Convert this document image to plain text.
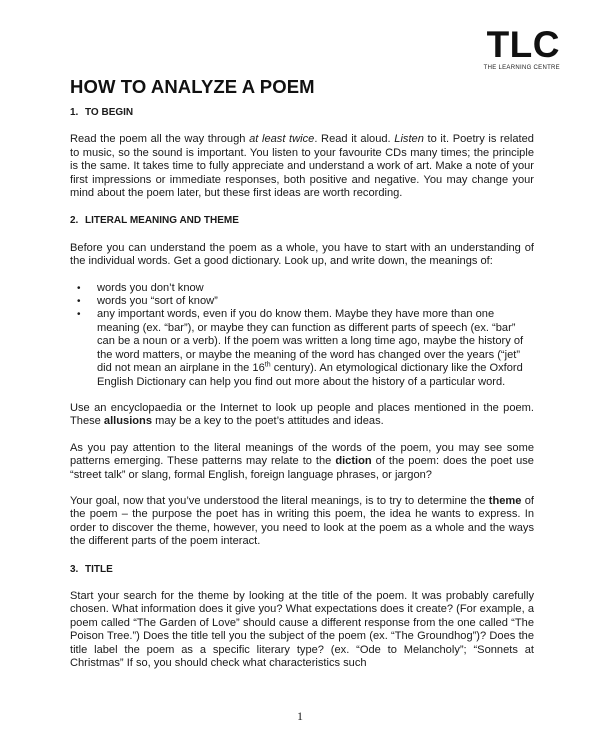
TLC
THE LEARNING CENTRE
HOW TO ANALYZE A POEM
1. TO BEGIN

Read the poem all the way through at least twice. Read it aloud. Listen to it. Poetry is related to music, so the sound is important. You listen to your favourite CDs many times; the principle is the same. It takes time to fully appreciate and understand a work of art. Make a note of your first impressions or immediate responses, both positive and negative. You may change your mind about the poem later, but these first ideas are worth recording.

2. LITERAL MEANING AND THEME

Before you can understand the poem as a whole, you have to start with an understanding of the individual words. Get a good dictionary. Look up, and write down, the meanings of:

• words you don’t know
• words you “sort of know”
• any important words, even if you do know them. Maybe they have more than one meaning (ex. “bar”), or maybe they can function as different parts of speech (ex. “bar” can be a noun or a verb). If the poem was written a long time ago, maybe the history of the word matters, or maybe the meaning of the word has changed over the years (“jet” did not mean an airplane in the 16th century). An etymological dictionary like the Oxford English Dictionary can help you find out more about the history of a particular word.

Use an encyclopaedia or the Internet to look up people and places mentioned in the poem. These allusions may be a key to the poet’s attitudes and ideas.

As you pay attention to the literal meanings of the words of the poem, you may see some patterns emerging. These patterns may relate to the diction of the poem: does the poet use “street talk” or slang, formal English, foreign language phrases, or jargon?

Your goal, now that you’ve understood the literal meanings, is to try to determine the theme of the poem – the purpose the poet has in writing this poem, the idea he wants to express. In order to discover the theme, however, you need to look at the poem as a whole and the ways the different parts of the poem interact.

3. TITLE

Start your search for the theme by looking at the title of the poem. It was probably carefully chosen. What information does it give you? What expectations does it create? (For example, a poem called “The Garden of Love” should cause a different response from the one called “The Poison Tree.”) Does the title tell you the subject of the poem (ex. “The Groundhog”)? Does the title label the poem as a specific literary type? (ex. “Ode to Melancholy”; “Sonnets at Christmas” If so, you should check what characteristics such

1
